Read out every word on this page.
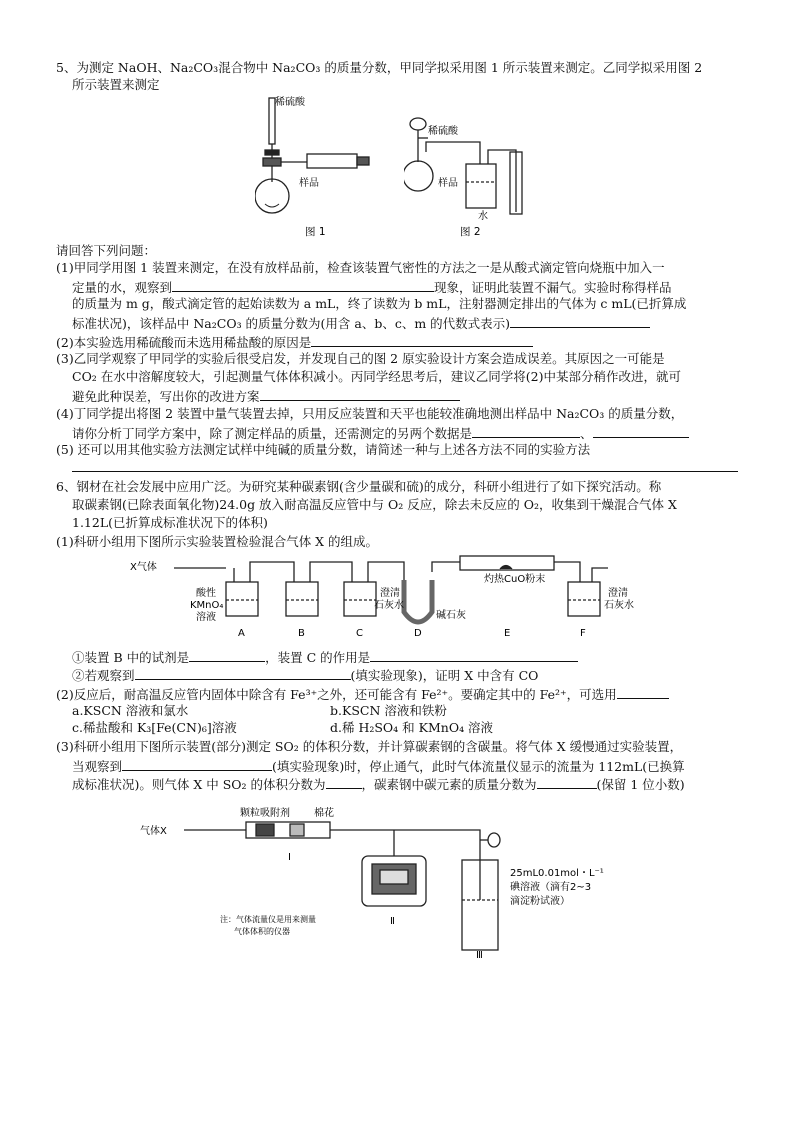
5、为测定 NaOH、Na₂CO₃混合物中 Na₂CO₃ 的质量分数，甲同学拟采用图 1 所示装置来测定。乙同学拟采用图 2
所示装置来测定
稀硫酸
样品
图 1
稀硫酸
样品
水
图 2
请回答下列问题：
(1)甲同学用图 1 装置来测定，在没有放样品前，检查该装置气密性的方法之一是从酸式滴定管向烧瓶中加入一
定量的水，观察到	现象，证明此装置不漏气。实验时称得样品
的质量为 m g，酸式滴定管的起始读数为 a mL，终了读数为 b mL，注射器测定排出的气体为 c mL(已折算成
标准状况)，该样品中 Na₂CO₃ 的质量分数为(用含 a、b、c、m 的代数式表示)
(2)本实验选用稀硫酸而未选用稀盐酸的原因是
(3)乙同学观察了甲同学的实验后很受启发，并发现自己的图 2 原实验设计方案会造成误差。其原因之一可能是
CO₂ 在水中溶解度较大，引起测量气体体积减小。丙同学经思考后，建议乙同学将(2)中某部分稍作改进，就可
避免此种误差，写出你的改进方案
(4)丁同学提出将图 2 装置中量气装置去掉，只用反应装置和天平也能较准确地测出样品中 Na₂CO₃ 的质量分数，
请你分析丁同学方案中，除了测定样品的质量，还需测定的另两个数据是	、
(5) 还可以用其他实验方法测定试样中纯碱的质量分数，请简述一种与上述各方法不同的实验方法
6、钢材在社会发展中应用广泛。为研究某种碳素钢(含少量碳和硫)的成分，科研小组进行了如下探究活动。称
取碳素钢(已除表面氧化物)24.0g 放入耐高温反应管中与 O₂ 反应，除去未反应的 O₂，收集到干燥混合气体 X
1.12L(已折算成标准状况下的体积)
(1)科研小组用下图所示实验装置检验混合气体 X 的组成。
X气体
酸性
KMnO₄
溶液
澄清
石灰水
碱石灰
灼热CuO粉末
澄清
石灰水
A	B	C	D	E	F
①装置 B 中的试剂是	，装置 C 的作用是
②若观察到	(填实验现象)，证明 X 中含有 CO
(2)反应后，耐高温反应管内固体中除含有 Fe³⁺之外，还可能含有 Fe²⁺。要确定其中的 Fe²⁺，可选用
a.KSCN 溶液和氯水	b.KSCN 溶液和铁粉
c.稀盐酸和 K₃[Fe(CN)₆]溶液	d.稀 H₂SO₄ 和 KMnO₄ 溶液
(3)科研小组用下图所示装置(部分)测定 SO₂ 的体积分数，并计算碳素钢的含碳量。将气体 X 缓慢通过实验装置，
当观察到	(填实验现象)时，停止通气，此时气体流量仪显示的流量为 112mL(已换算
成标准状况)。则气体 X 中 SO₂ 的体积分数为	，碳素钢中碳元素的质量分数为	(保留 1 位小数)
气体X
颗粒吸附剂 棉花
Ⅰ
Ⅱ
Ⅲ
注：气体流量仪是用来测量
气体体积的仪器
25mL0.01mol・L⁻¹
碘溶液（滴有2~3
滴淀粉试液）
